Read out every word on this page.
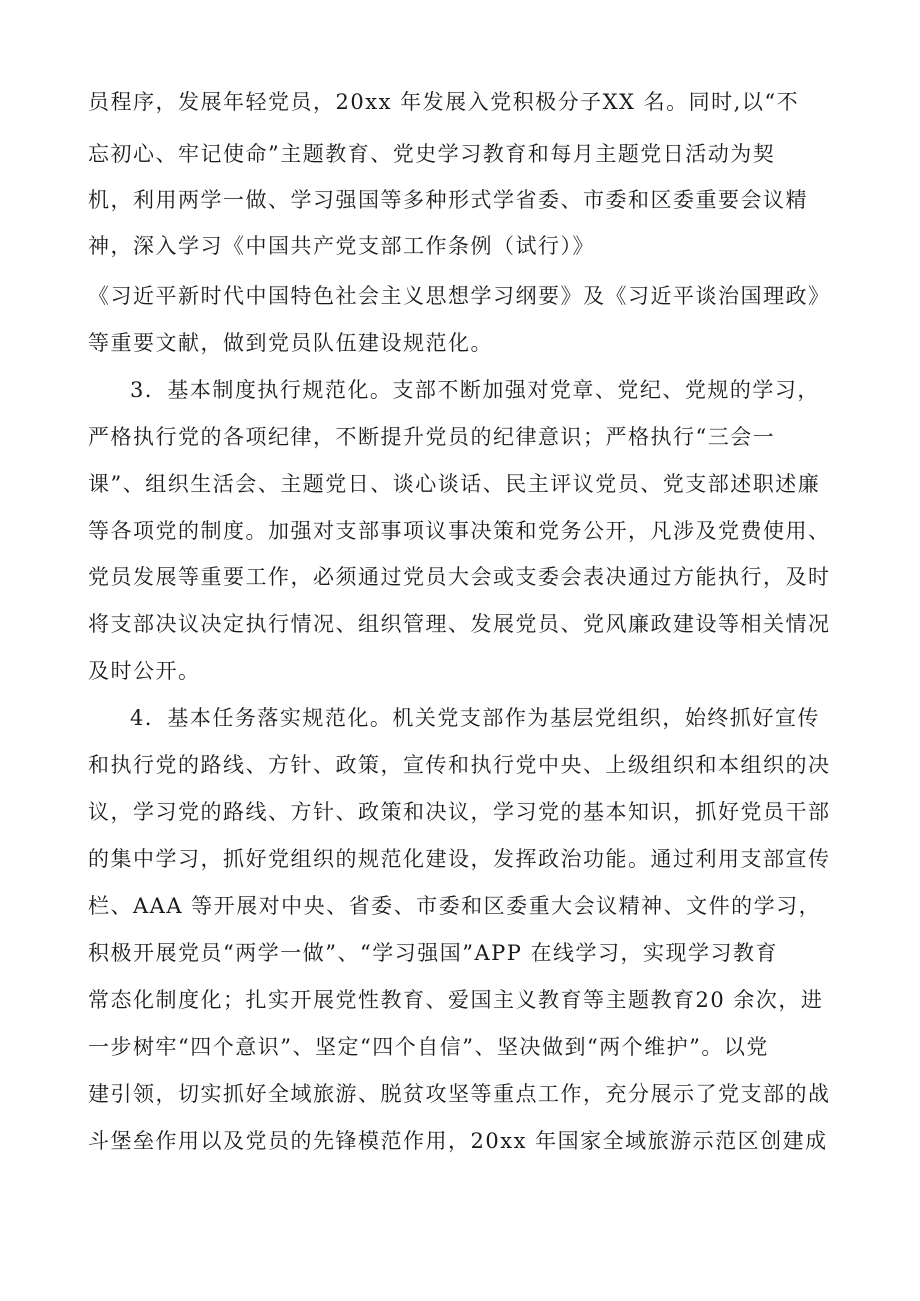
员程序，发展年轻党员，20xx 年发展入党积极分子XX 名。同时,以“不
忘初心、牢记使命”主题教育、党史学习教育和每月主题党日活动为契
机，利用两学一做、学习强国等多种形式学省委、市委和区委重要会议精
神，深入学习《中国共产党支部工作条例（试行）》
《习近平新时代中国特色社会主义思想学习纲要》及《习近平谈治国理政》
等重要文献，做到党员队伍建设规范化。
3．基本制度执行规范化。支部不断加强对党章、党纪、党规的学习，
严格执行党的各项纪律，不断提升党员的纪律意识；严格执行“三会一
课”、组织生活会、主题党日、谈心谈话、民主评议党员、党支部述职述廉
等各项党的制度。加强对支部事项议事决策和党务公开，凡涉及党费使用、
党员发展等重要工作，必须通过党员大会或支委会表决通过方能执行，及时
将支部决议决定执行情况、组织管理、发展党员、党风廉政建设等相关情况
及时公开。
4．基本任务落实规范化。机关党支部作为基层党组织，始终抓好宣传
和执行党的路线、方针、政策，宣传和执行党中央、上级组织和本组织的决
议，学习党的路线、方针、政策和决议，学习党的基本知识，抓好党员干部
的集中学习，抓好党组织的规范化建设，发挥政治功能。通过利用支部宣传
栏、AAA 等开展对中央、省委、市委和区委重大会议精神、文件的学习，
积极开展党员“两学一做”、“学习强国”APP 在线学习，实现学习教育
常态化制度化；扎实开展党性教育、爱国主义教育等主题教育20 余次，进
一步树牢“四个意识”、坚定“四个自信”、坚决做到“两个维护”。以党
建引领，切实抓好全域旅游、脱贫攻坚等重点工作，充分展示了党支部的战
斗堡垒作用以及党员的先锋模范作用，20xx 年国家全域旅游示范区创建成
